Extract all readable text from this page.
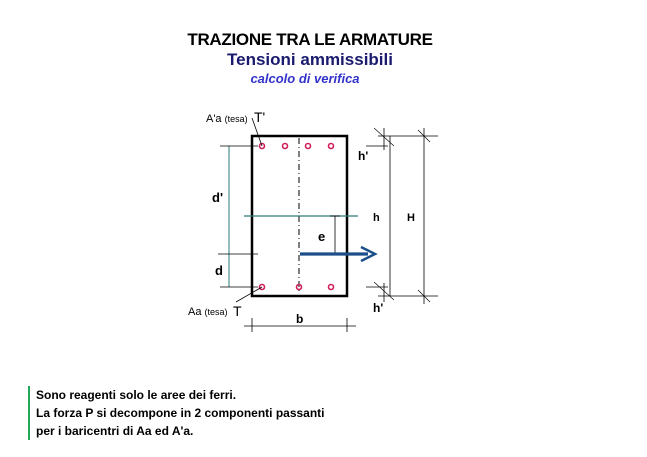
TRAZIONE TRA LE ARMATURE
Tensioni ammissibili
calcolo di verifica
A'a (tesa) T'
Aa (tesa) T
d'
d
e
h'
h H
h'
b
Sono reagenti solo le aree dei ferri.
La forza P si decompone in 2 componenti passanti
per i baricentri di Aa ed A'a.
